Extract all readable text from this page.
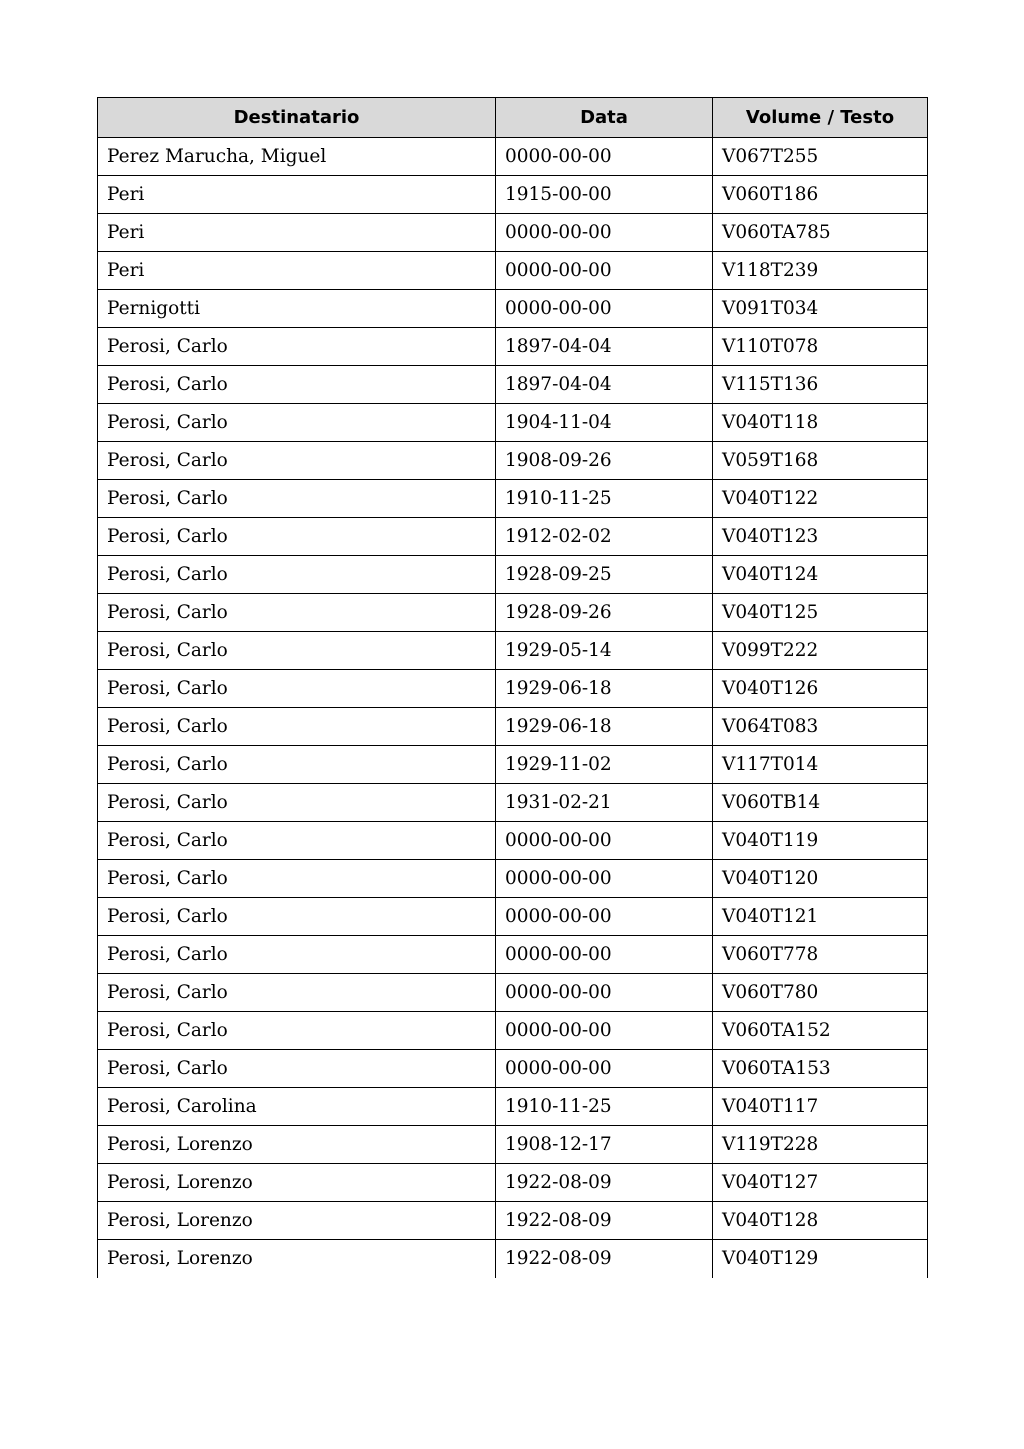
Destinatario	Data	Volume / Testo
Perez Marucha, Miguel	0000-00-00	V067T255
Peri	1915-00-00	V060T186
Peri	0000-00-00	V060TA785
Peri	0000-00-00	V118T239
Pernigotti	0000-00-00	V091T034
Perosi, Carlo	1897-04-04	V110T078
Perosi, Carlo	1897-04-04	V115T136
Perosi, Carlo	1904-11-04	V040T118
Perosi, Carlo	1908-09-26	V059T168
Perosi, Carlo	1910-11-25	V040T122
Perosi, Carlo	1912-02-02	V040T123
Perosi, Carlo	1928-09-25	V040T124
Perosi, Carlo	1928-09-26	V040T125
Perosi, Carlo	1929-05-14	V099T222
Perosi, Carlo	1929-06-18	V040T126
Perosi, Carlo	1929-06-18	V064T083
Perosi, Carlo	1929-11-02	V117T014
Perosi, Carlo	1931-02-21	V060TB14
Perosi, Carlo	0000-00-00	V040T119
Perosi, Carlo	0000-00-00	V040T120
Perosi, Carlo	0000-00-00	V040T121
Perosi, Carlo	0000-00-00	V060T778
Perosi, Carlo	0000-00-00	V060T780
Perosi, Carlo	0000-00-00	V060TA152
Perosi, Carlo	0000-00-00	V060TA153
Perosi, Carolina	1910-11-25	V040T117
Perosi, Lorenzo	1908-12-17	V119T228
Perosi, Lorenzo	1922-08-09	V040T127
Perosi, Lorenzo	1922-08-09	V040T128
Perosi, Lorenzo	1922-08-09	V040T129
